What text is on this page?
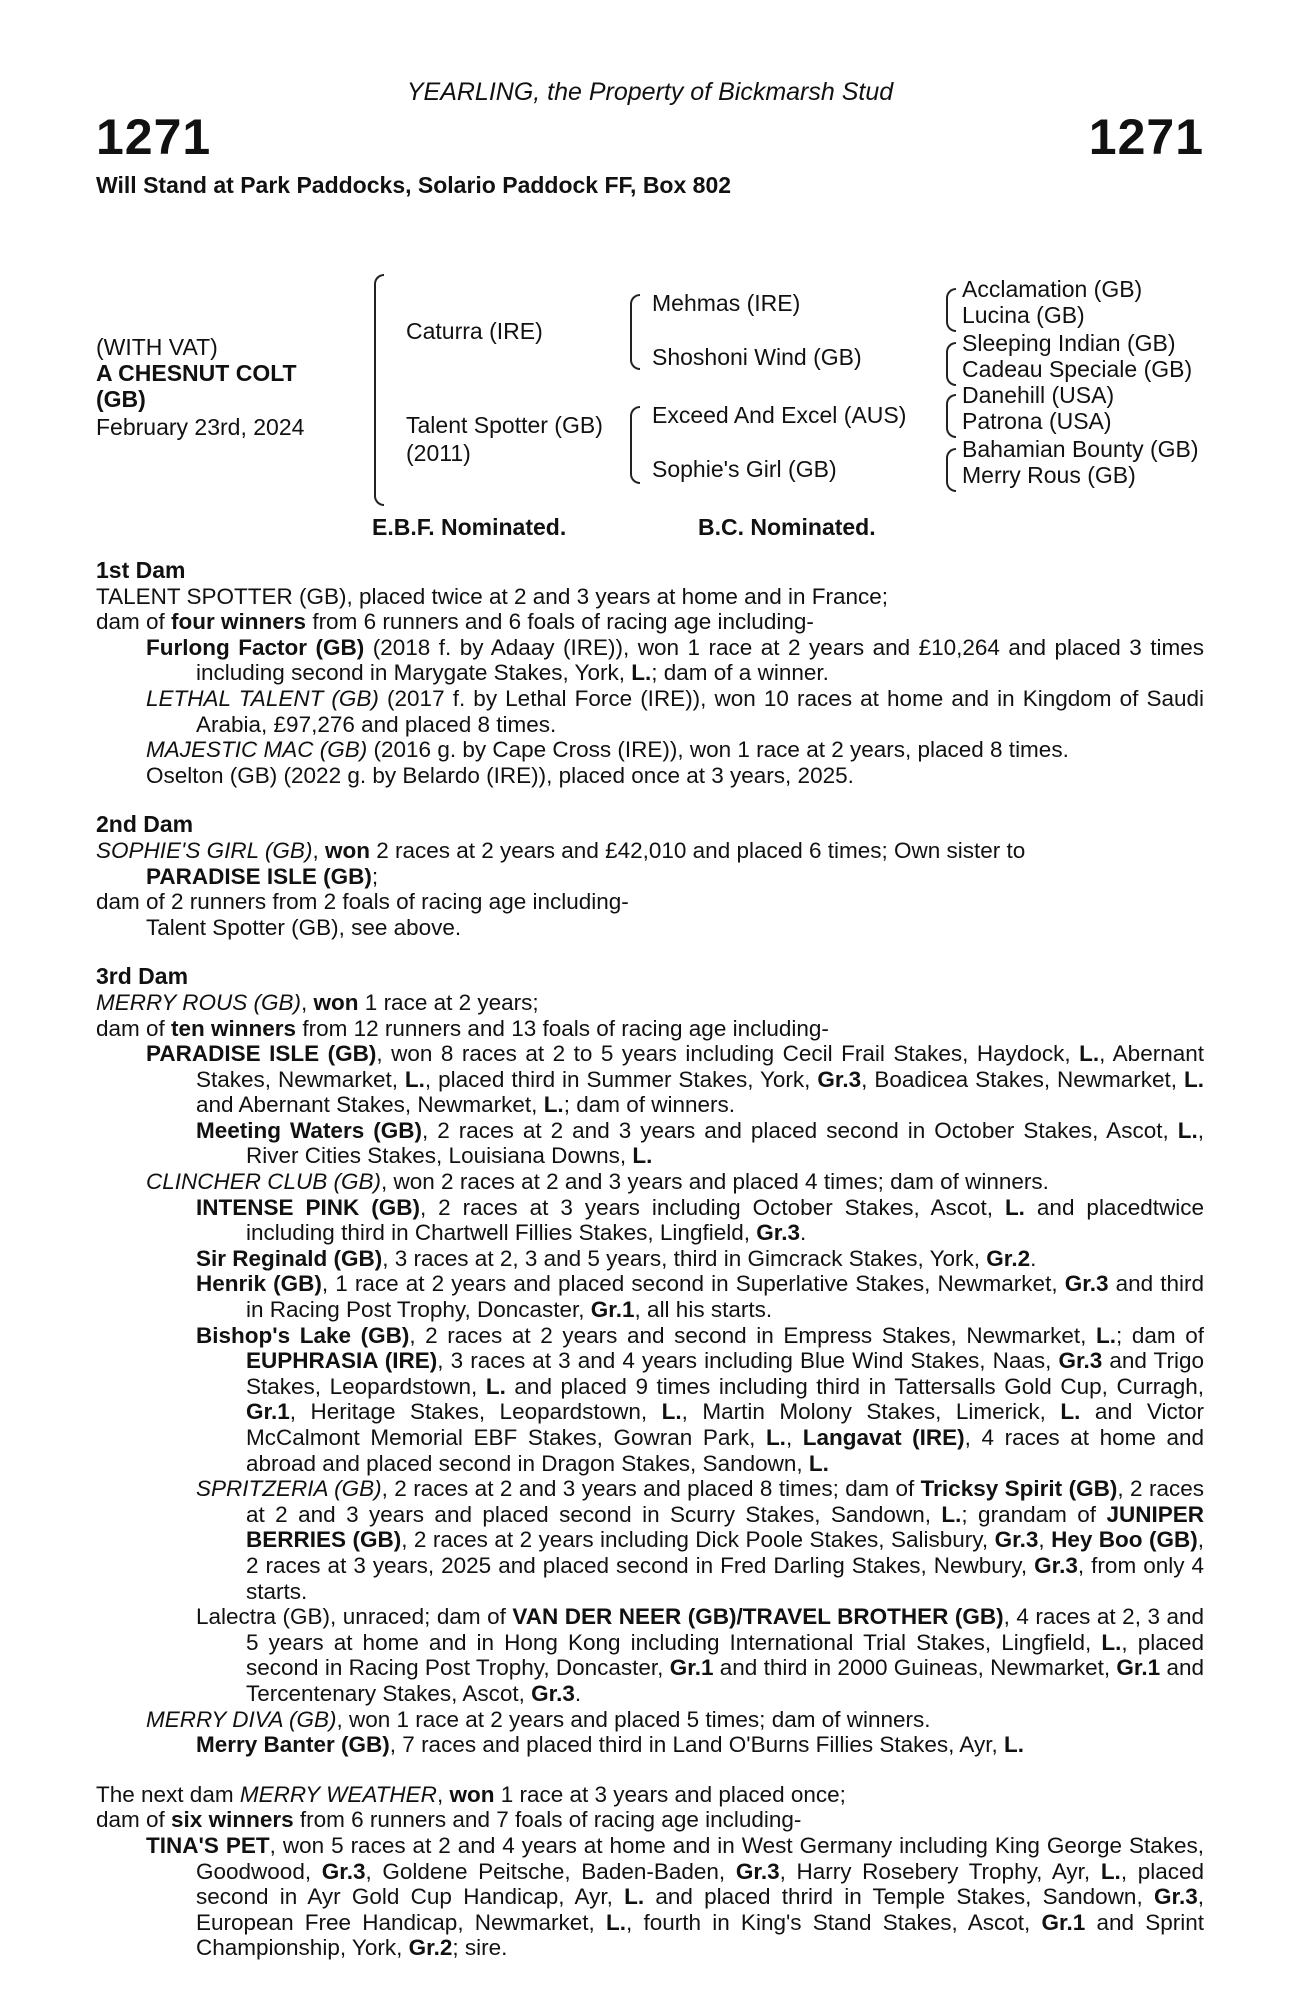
YEARLING, the Property of Bickmarsh Stud
1271	1271
Will Stand at Park Paddocks, Solario Paddock FF, Box 802
(WITH VAT)
A CHESNUT COLT
(GB)
February 23rd, 2024
Caturra (IRE)
Talent Spotter (GB)
(2011)
Mehmas (IRE)
Shoshoni Wind (GB)
Exceed And Excel (AUS)
Sophie's Girl (GB)
Acclamation (GB)
Lucina (GB)
Sleeping Indian (GB)
Cadeau Speciale (GB)
Danehill (USA)
Patrona (USA)
Bahamian Bounty (GB)
Merry Rous (GB)
E.B.F. Nominated.	B.C. Nominated.
1st Dam
TALENT SPOTTER (GB), placed twice at 2 and 3 years at home and in France;
dam of four winners from 6 runners and 6 foals of racing age including-
Furlong Factor (GB) (2018 f. by Adaay (IRE)), won 1 race at 2 years and £10,264 and placed 3 times including second in Marygate Stakes, York, L.; dam of a winner.
LETHAL TALENT (GB) (2017 f. by Lethal Force (IRE)), won 10 races at home and in Kingdom of Saudi Arabia, £97,276 and placed 8 times.
MAJESTIC MAC (GB) (2016 g. by Cape Cross (IRE)), won 1 race at 2 years, placed 8 times.
Oselton (GB) (2022 g. by Belardo (IRE)), placed once at 3 years, 2025.
2nd Dam
SOPHIE'S GIRL (GB), won 2 races at 2 years and £42,010 and placed 6 times; Own sister to
PARADISE ISLE (GB);
dam of 2 runners from 2 foals of racing age including-
Talent Spotter (GB), see above.
3rd Dam
MERRY ROUS (GB), won 1 race at 2 years;
dam of ten winners from 12 runners and 13 foals of racing age including-
PARADISE ISLE (GB), won 8 races at 2 to 5 years including Cecil Frail Stakes, Haydock, L., Abernant Stakes, Newmarket, L., placed third in Summer Stakes, York, Gr.3, Boadicea Stakes, Newmarket, L. and Abernant Stakes, Newmarket, L.; dam of winners.
Meeting Waters (GB), 2 races at 2 and 3 years and placed second in October Stakes, Ascot, L., River Cities Stakes, Louisiana Downs, L.
CLINCHER CLUB (GB), won 2 races at 2 and 3 years and placed 4 times; dam of winners.
INTENSE PINK (GB), 2 races at 3 years including October Stakes, Ascot, L. and placedtwice including third in Chartwell Fillies Stakes, Lingfield, Gr.3.
Sir Reginald (GB), 3 races at 2, 3 and 5 years, third in Gimcrack Stakes, York, Gr.2.
Henrik (GB), 1 race at 2 years and placed second in Superlative Stakes, Newmarket, Gr.3 and third in Racing Post Trophy, Doncaster, Gr.1, all his starts.
Bishop's Lake (GB), 2 races at 2 years and second in Empress Stakes, Newmarket, L.; dam of EUPHRASIA (IRE), 3 races at 3 and 4 years including Blue Wind Stakes, Naas, Gr.3 and Trigo Stakes, Leopardstown, L. and placed 9 times including third in Tattersalls Gold Cup, Curragh, Gr.1, Heritage Stakes, Leopardstown, L., Martin Molony Stakes, Limerick, L. and Victor McCalmont Memorial EBF Stakes, Gowran Park, L., Langavat (IRE), 4 races at home and abroad and placed second in Dragon Stakes, Sandown, L.
SPRITZERIA (GB), 2 races at 2 and 3 years and placed 8 times; dam of Tricksy Spirit (GB), 2 races at 2 and 3 years and placed second in Scurry Stakes, Sandown, L.; grandam of JUNIPER BERRIES (GB), 2 races at 2 years including Dick Poole Stakes, Salisbury, Gr.3, Hey Boo (GB), 2 races at 3 years, 2025 and placed second in Fred Darling Stakes, Newbury, Gr.3, from only 4 starts.
Lalectra (GB), unraced; dam of VAN DER NEER (GB)/TRAVEL BROTHER (GB), 4 races at 2, 3 and 5 years at home and in Hong Kong including International Trial Stakes, Lingfield, L., placed second in Racing Post Trophy, Doncaster, Gr.1 and third in 2000 Guineas, Newmarket, Gr.1 and Tercentenary Stakes, Ascot, Gr.3.
MERRY DIVA (GB), won 1 race at 2 years and placed 5 times; dam of winners.
Merry Banter (GB), 7 races and placed third in Land O'Burns Fillies Stakes, Ayr, L.
The next dam MERRY WEATHER, won 1 race at 3 years and placed once;
dam of six winners from 6 runners and 7 foals of racing age including-
TINA'S PET, won 5 races at 2 and 4 years at home and in West Germany including King George Stakes, Goodwood, Gr.3, Goldene Peitsche, Baden-Baden, Gr.3, Harry Rosebery Trophy, Ayr, L., placed second in Ayr Gold Cup Handicap, Ayr, L. and placed thrird in Temple Stakes, Sandown, Gr.3, European Free Handicap, Newmarket, L., fourth in King's Stand Stakes, Ascot, Gr.1 and Sprint Championship, York, Gr.2; sire.
